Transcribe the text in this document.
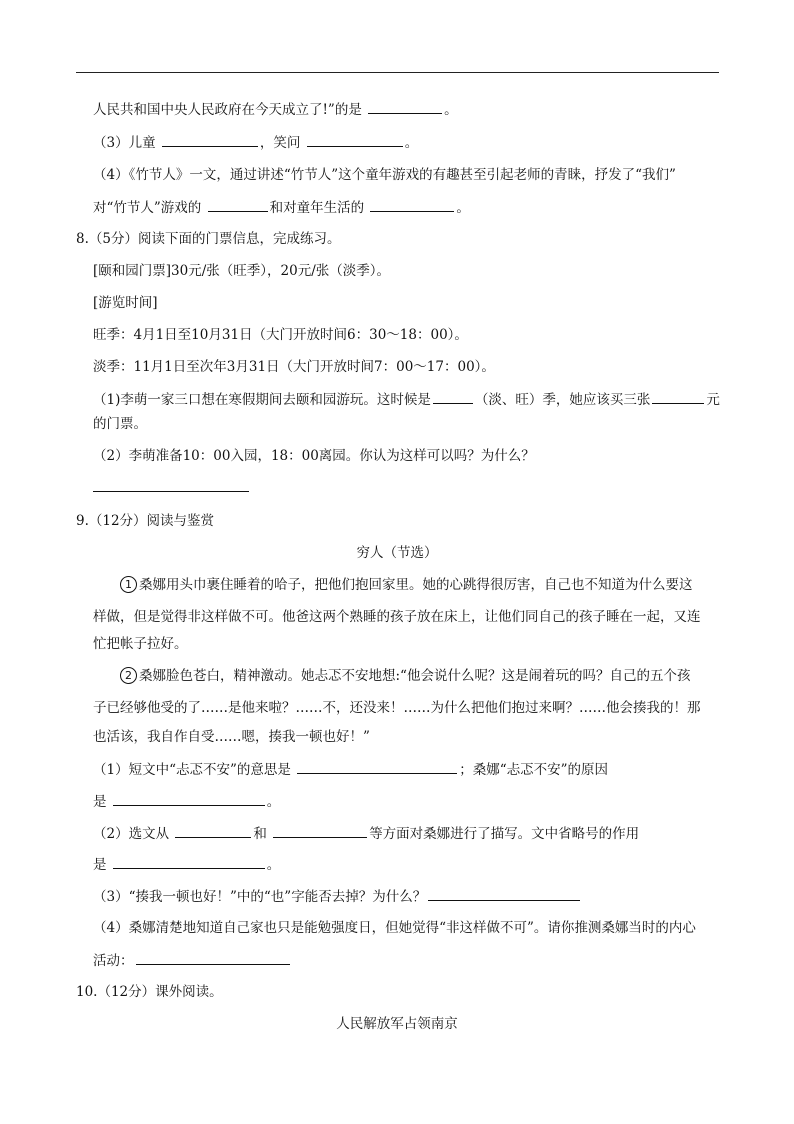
人民共和国中央人民政府在今天成立了!”的是	。
（3）儿童	，笑问	。
（4）《竹节人》一文，通过讲述“竹节人”这个童年游戏的有趣甚至引起老师的青睐，抒发了“我们”
对“竹节人”游戏的	和对童年生活的	。
8.（5分）阅读下面的门票信息，完成练习。
[颐和园门票]30元/张（旺季），20元/张（淡季）。
[游览时间]
旺季：4月1日至10月31日（大门开放时间6：30～18：00）。
淡季：11月1日至次年3月31日（大门开放时间7：00～17：00）。
（1)李萌一家三口想在寒假期间去颐和园游玩。这时候是	（淡、旺）季，她应该买三张	元
的门票。
（2）李萌准备10：00入园，18：00离园。你认为这样可以吗？为什么？
9.（12分）阅读与鉴赏
穷人（节选）
1 桑娜用头巾裹住睡着的哈子，把他们抱回家里。她的心跳得很厉害，自己也不知道为什么要这
样做，但是觉得非这样做不可。他爸这两个熟睡的孩子放在床上，让他们同自己的孩子睡在一起，又连
忙把帐子拉好。
2 桑娜脸色苍白，精神激动。她忐忑不安地想:“他会说什么呢？这是闹着玩的吗？自己的五个孩
子已经够他受的了……是他来啦？……不，还没来！……为什么把他们抱过来啊？……他会揍我的！那
也活该，我自作自受……嗯，揍我一顿也好！”
（1）短文中“忐忑不安”的意思是	；桑娜“忐忑不安”的原因
是	。
（2）选文从	和	等方面对桑娜进行了描写。文中省略号的作用
是	。
（3）“揍我一顿也好！”中的“也”字能否去掉？为什么？
（4）桑娜清楚地知道自己家也只是能勉强度日，但她觉得“非这样做不可”。请你推测桑娜当时的内心
活动：
10.（12分）课外阅读。
人民解放军占领南京
